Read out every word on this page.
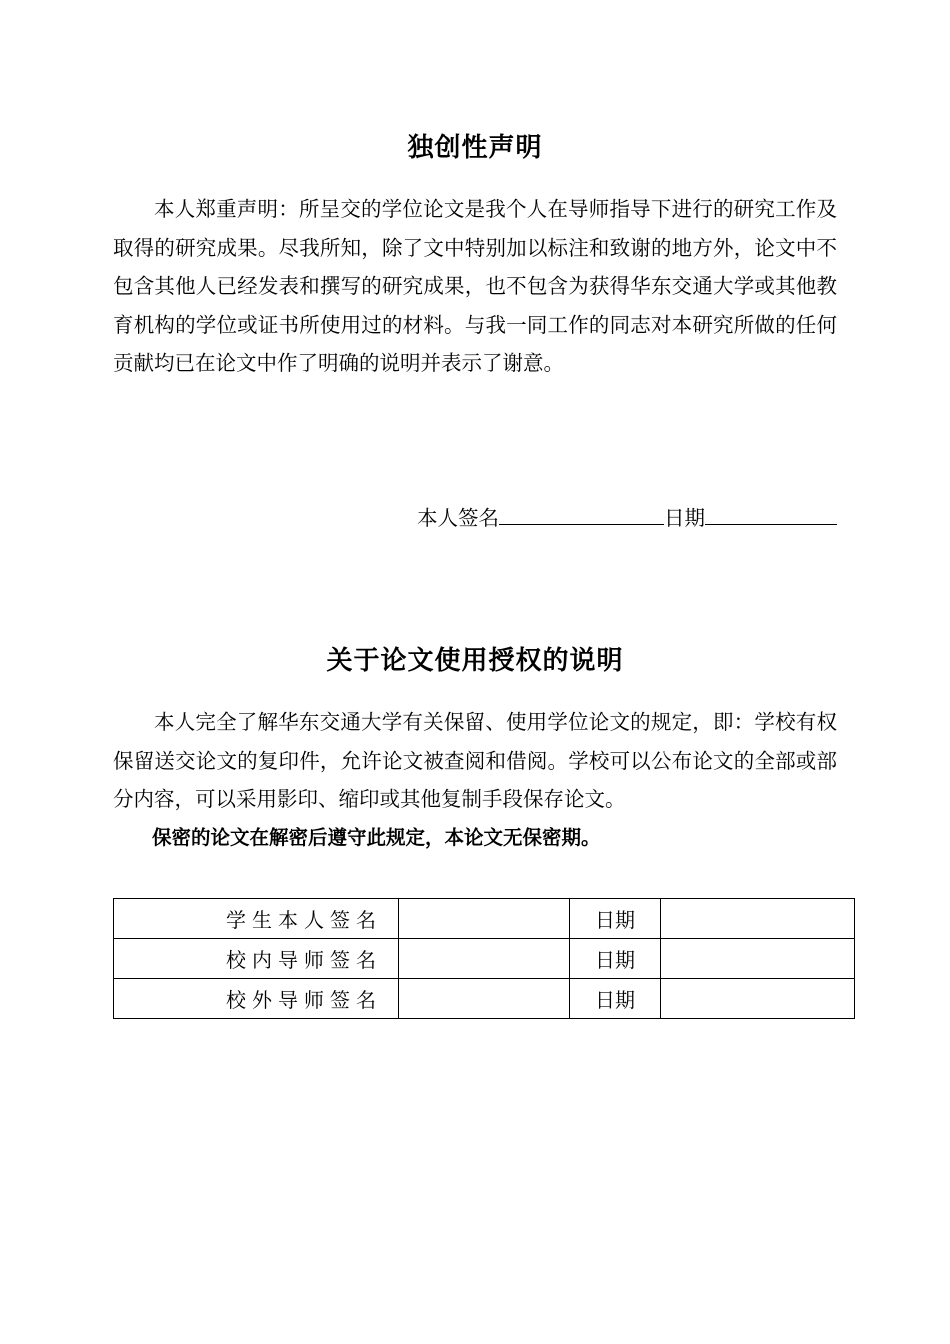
独创性声明

本人郑重声明：所呈交的学位论文是我个人在导师指导下进行的研究工作及取得的研究成果。尽我所知，除了文中特别加以标注和致谢的地方外，论文中不包含其他人已经发表和撰写的研究成果，也不包含为获得华东交通大学或其他教育机构的学位或证书所使用过的材料。与我一同工作的同志对本研究所做的任何贡献均已在论文中作了明确的说明并表示了谢意。

本人签名	日期
关于论文使用授权的说明

本人完全了解华东交通大学有关保留、使用学位论文的规定，即：学校有权保留送交论文的复印件，允许论文被查阅和借阅。学校可以公布论文的全部或部分内容，可以采用影印、缩印或其他复制手段保存论文。

保密的论文在解密后遵守此规定，本论文无保密期。

学生本人签名		日期	
校内导师签名		日期	
校外导师签名		日期	
